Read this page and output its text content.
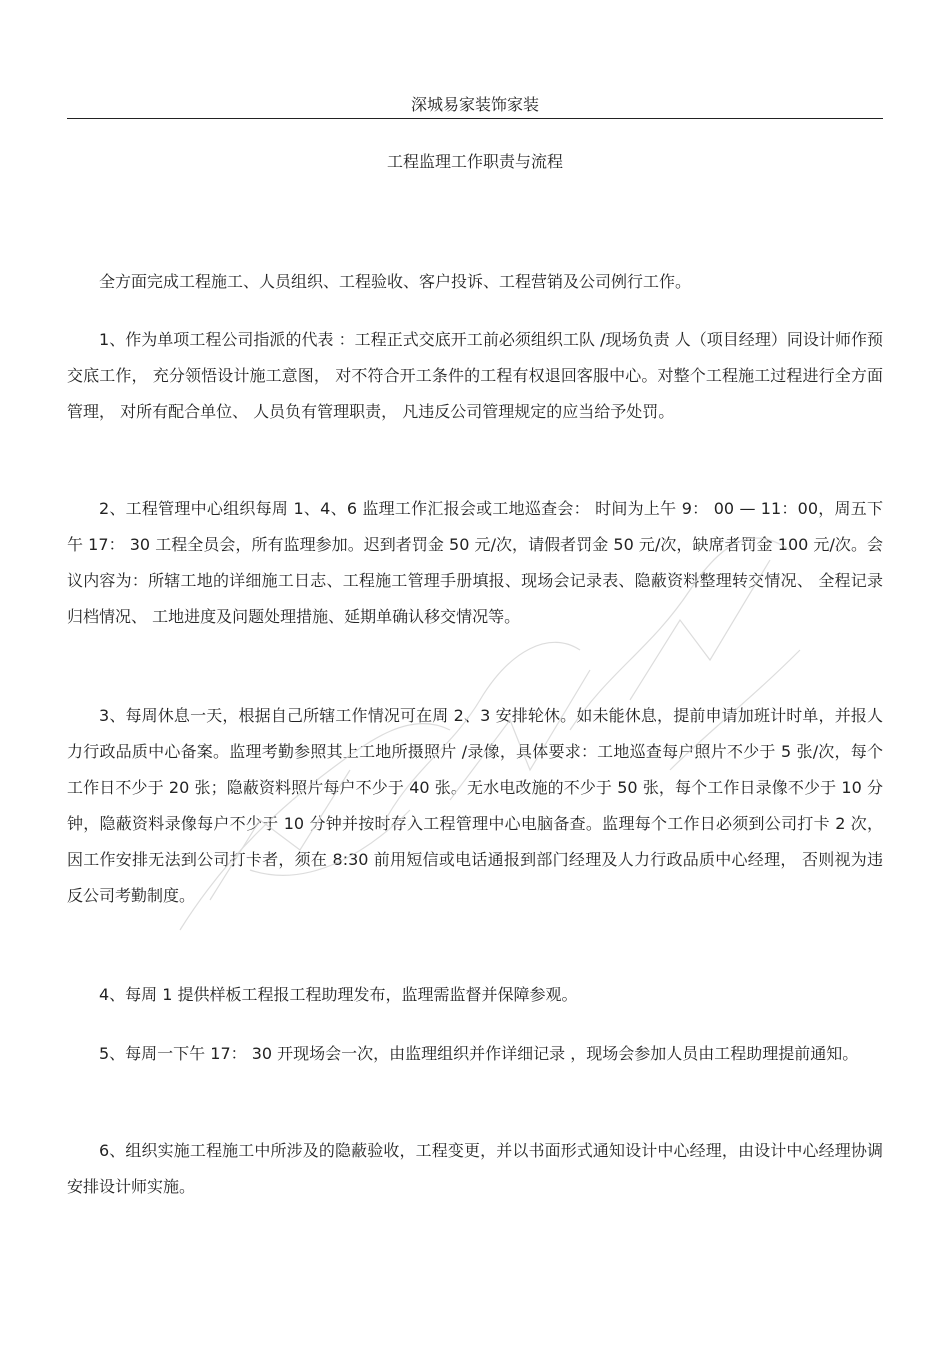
深城易家装饰家装
工程监理工作职责与流程

全方面完成工程施工、人员组织、工程验收、客户投诉、工程营销及公司例行工作。

1、作为单项工程公司指派的代表 ：工程正式交底开工前必须组织工队 /现场负责 人（项目经理）同设计师作预交底工作， 充分领悟设计施工意图， 对不符合开工条件的工程有权退回客服中心。对整个工程施工过程进行全方面管理， 对所有配合单位、 人员负有管理职责， 凡违反公司管理规定的应当给予处罚。

2、工程管理中心组织每周 1、4、6 监理工作汇报会或工地巡查会： 时间为上午 9： 00 — 11：00，周五下午 17： 30 工程全员会，所有监理参加。迟到者罚金 50 元/次，请假者罚金 50 元/次，缺席者罚金 100 元/次。会议内容为：所辖工地的详细施工日志、工程施工管理手册填报、现场会记录表、隐蔽资料整理转交情况、 全程记录归档情况、 工地进度及问题处理措施、延期单确认移交情况等。

3、每周休息一天，根据自己所辖工作情况可在周 2、3 安排轮休。如未能休息，提前申请加班计时单，并报人力行政品质中心备案。监理考勤参照其上工地所摄照片 /录像，具体要求：工地巡查每户照片不少于 5 张/次，每个工作日不少于 20 张；隐蔽资料照片每户不少于 40 张。无水电改施的不少于 50 张，每个工作日录像不少于 10 分钟，隐蔽资料录像每户不少于 10 分钟并按时存入工程管理中心电脑备查。监理每个工作日必须到公司打卡 2 次，因工作安排无法到公司打卡者，须在 8:30 前用短信或电话通报到部门经理及人力行政品质中心经理， 否则视为违反公司考勤制度。

4、每周 1 提供样板工程报工程助理发布，监理需监督并保障参观。

5、每周一下午 17： 30 开现场会一次，由监理组织并作详细记录 ，现场会参加人员由工程助理提前通知。

6、组织实施工程施工中所涉及的隐蔽验收，工程变更，并以书面形式通知设计中心经理，由设计中心经理协调安排设计师实施。
